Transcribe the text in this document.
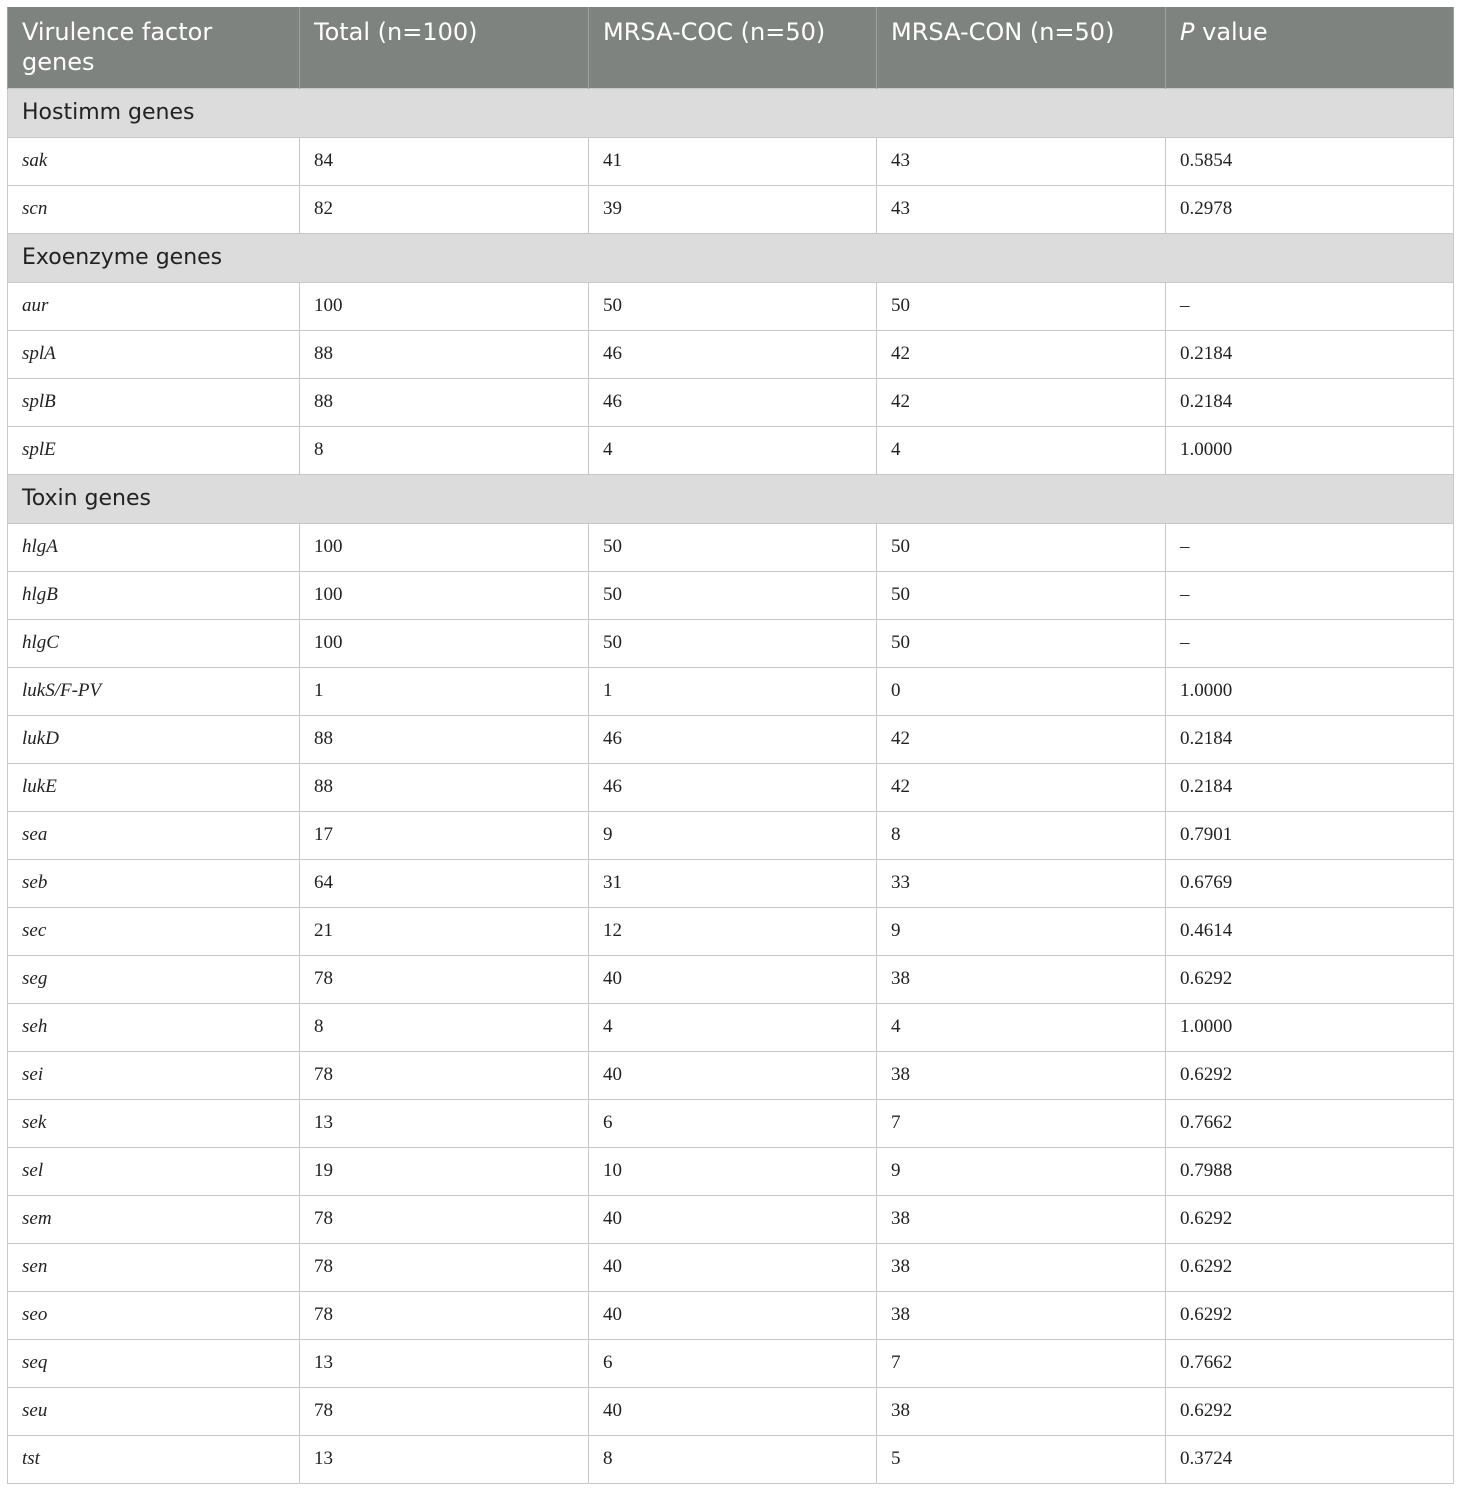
Virulence factor genes	Total (n=100)	MRSA-COC (n=50)	MRSA-CON (n=50)	P value
Hostimm genes				
sak	84	41	43	0.5854
scn	82	39	43	0.2978
Exoenzyme genes				
aur	100	50	50	–
splA	88	46	42	0.2184
splB	88	46	42	0.2184
splE	8	4	4	1.0000
Toxin genes				
hlgA	100	50	50	–
hlgB	100	50	50	–
hlgC	100	50	50	–
lukS/F-PV	1	1	0	1.0000
lukD	88	46	42	0.2184
lukE	88	46	42	0.2184
sea	17	9	8	0.7901
seb	64	31	33	0.6769
sec	21	12	9	0.4614
seg	78	40	38	0.6292
seh	8	4	4	1.0000
sei	78	40	38	0.6292
sek	13	6	7	0.7662
sel	19	10	9	0.7988
sem	78	40	38	0.6292
sen	78	40	38	0.6292
seo	78	40	38	0.6292
seq	13	6	7	0.7662
seu	78	40	38	0.6292
tst	13	8	5	0.3724
